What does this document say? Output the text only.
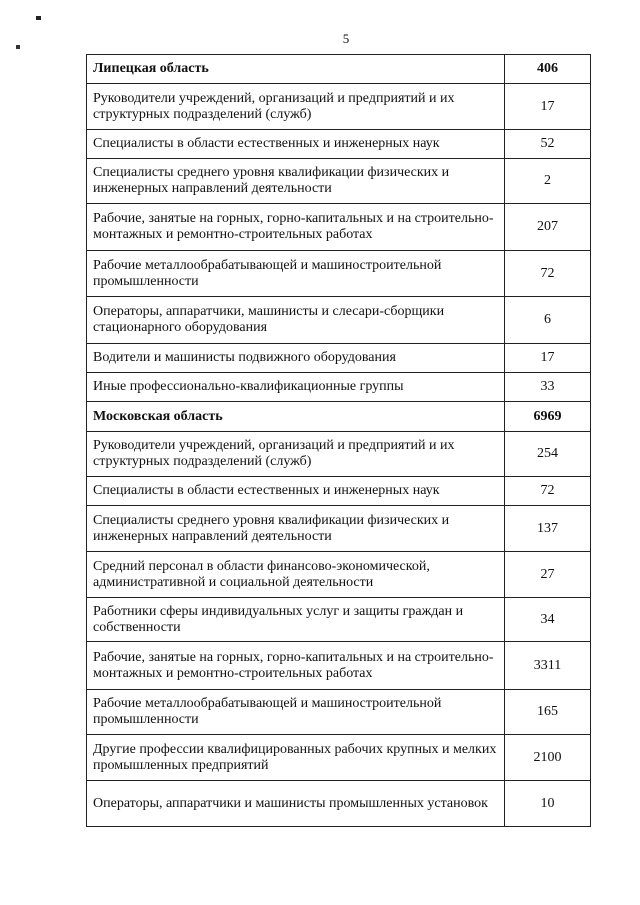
5
Липецкая область	406
Руководители учреждений, организаций и предприятий и их структурных подразделений (служб)	17
Специалисты в области естественных и инженерных наук	52
Специалисты среднего уровня квалификации физических и инженерных направлений деятельности	2
Рабочие, занятые на горных, горно-капитальных и на строительно-монтажных и ремонтно-строительных работах	207
Рабочие металлообрабатывающей и машиностроительной промышленности	72
Операторы, аппаратчики, машинисты и слесари-сборщики стационарного оборудования	6
Водители и машинисты подвижного оборудования	17
Иные профессионально-квалификационные группы	33
Московская область	6969
Руководители учреждений, организаций и предприятий и их структурных подразделений (служб)	254
Специалисты в области естественных и инженерных наук	72
Специалисты среднего уровня квалификации физических и инженерных направлений деятельности	137
Средний персонал в области финансово-экономической, административной и социальной деятельности	27
Работники сферы индивидуальных услуг и защиты граждан и собственности	34
Рабочие, занятые на горных, горно-капитальных и на строительно-монтажных и ремонтно-строительных работах	3311
Рабочие металлообрабатывающей и машиностроительной промышленности	165
Другие профессии квалифицированных рабочих крупных и мелких промышленных предприятий	2100
Операторы, аппаратчики и машинисты промышленных установок	10
